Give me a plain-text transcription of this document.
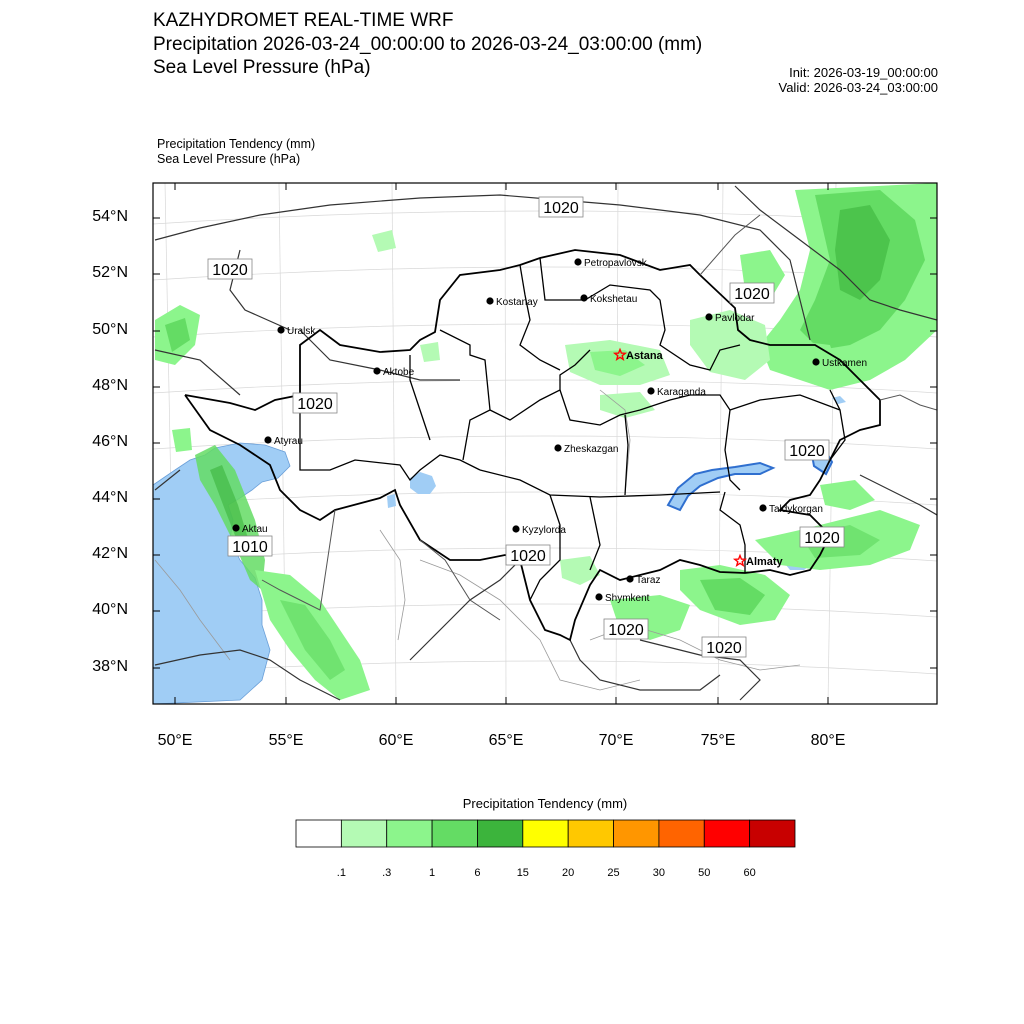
KAZHYDROMET REAL-TIME WRF
Precipitation 2026-03-24_00:00:00 to 2026-03-24_03:00:00 (mm)
Sea Level Pressure (hPa)	Init: 2026-03-19_00:00:00
Valid: 2026-03-24_03:00:00
Precipitation Tendency (mm)
Sea Level Pressure (hPa)
Petropavlovsk
Kostanay	Kokshetau
Uralsk
Pavlodar
Astana
Aktobe
Ustkamen
Karaganda
Atyrau
Zheskazgan
Taldykorgan
Aktau	Kyzylorda
Almaty
Taraz
Shymkent
1020
1020
1020
1020
1020
1010
1020
1020
1020
1020
54°N
52°N
50°N
48°N
46°N
44°N
42°N
40°N
38°N
50°E	55°E	60°E	65°E	70°E	75°E	80°E
Precipitation Tendency (mm)
.1	.3	1	6	15	20	25	30	50	60
